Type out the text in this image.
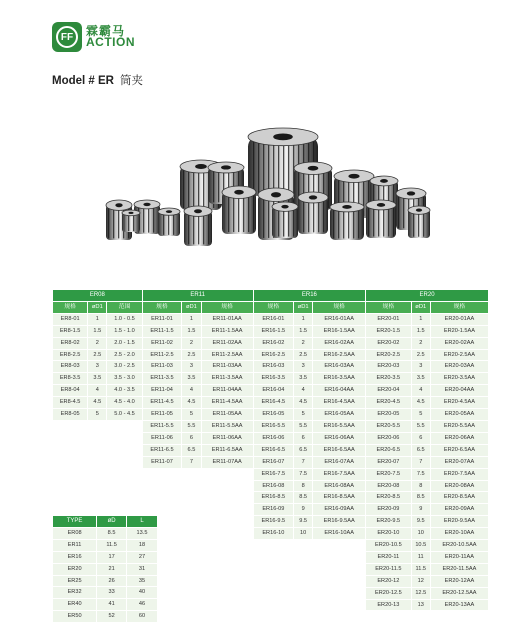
FF	霖霸马
ACTION
Model # ER 筒夹
ER08			ER11			ER16			ER20		
规格	øD1	范围	规格	øD1	规格	规格	øD1	规格	规格	øD1	规格
ER8-01	1	1.0 - 0.5	ER11-01	1	ER11-01AA	ER16-01	1	ER16-01AA	ER20-01	1	ER20-01AA
ER8-1.5	1.5	1.5 - 1.0	ER11-1.5	1.5	ER11-1.5AA	ER16-1.5	1.5	ER16-1.5AA	ER20-1.5	1.5	ER20-1.5AA
ER8-02	2	2.0 - 1.5	ER11-02	2	ER11-02AA	ER16-02	2	ER16-02AA	ER20-02	2	ER20-02AA
ER8-2.5	2.5	2.5 - 2.0	ER11-2.5	2.5	ER11-2.5AA	ER16-2.5	2.5	ER16-2.5AA	ER20-2.5	2.5	ER20-2.5AA
ER8-03	3	3.0 - 2.5	ER11-03	3	ER11-03AA	ER16-03	3	ER16-03AA	ER20-03	3	ER20-03AA
ER8-3.5	3.5	3.5 - 3.0	ER11-3.5	3.5	ER11-3.5AA	ER16-3.5	3.5	ER16-3.5AA	ER20-3.5	3.5	ER20-3.5AA
ER8-04	4	4.0 - 3.5	ER11-04	4	ER11-04AA	ER16-04	4	ER16-04AA	ER20-04	4	ER20-04AA
ER8-4.5	4.5	4.5 - 4.0	ER11-4.5	4.5	ER11-4.5AA	ER16-4.5	4.5	ER16-4.5AA	ER20-4.5	4.5	ER20-4.5AA
ER8-05	5	5.0 - 4.5	ER11-05	5	ER11-05AA	ER16-05	5	ER16-05AA	ER20-05	5	ER20-05AA
			ER11-5.5	5.5	ER11-5.5AA	ER16-5.5	5.5	ER16-5.5AA	ER20-5.5	5.5	ER20-5.5AA
			ER11-06	6	ER11-06AA	ER16-06	6	ER16-06AA	ER20-06	6	ER20-06AA
			ER11-6.5	6.5	ER11-6.5AA	ER16-6.5	6.5	ER16-6.5AA	ER20-6.5	6.5	ER20-6.5AA
			ER11-07	7	ER11-07AA	ER16-07	7	ER16-07AA	ER20-07	7	ER20-07AA
						ER16-7.5	7.5	ER16-7.5AA	ER20-7.5	7.5	ER20-7.5AA
						ER16-08	8	ER16-08AA	ER20-08	8	ER20-08AA
						ER16-8.5	8.5	ER16-8.5AA	ER20-8.5	8.5	ER20-8.5AA
						ER16-09	9	ER16-09AA	ER20-09	9	ER20-09AA
						ER16-9.5	9.5	ER16-9.5AA	ER20-9.5	9.5	ER20-9.5AA
						ER16-10	10	ER16-10AA	ER20-10	10	ER20-10AA
									ER20-10.5	10.5	ER20-10.5AA
									ER20-11	11	ER20-11AA
									ER20-11.5	11.5	ER20-11.5AA
									ER20-12	12	ER20-12AA
									ER20-12.5	12.5	ER20-12.5AA
									ER20-13	13	ER20-13AA
TYPE	øD	L
ER08	8.5	13.5
ER11	11.5	18
ER16	17	27
ER20	21	31
ER25	26	35
ER32	33	40
ER40	41	46
ER50	52	60
